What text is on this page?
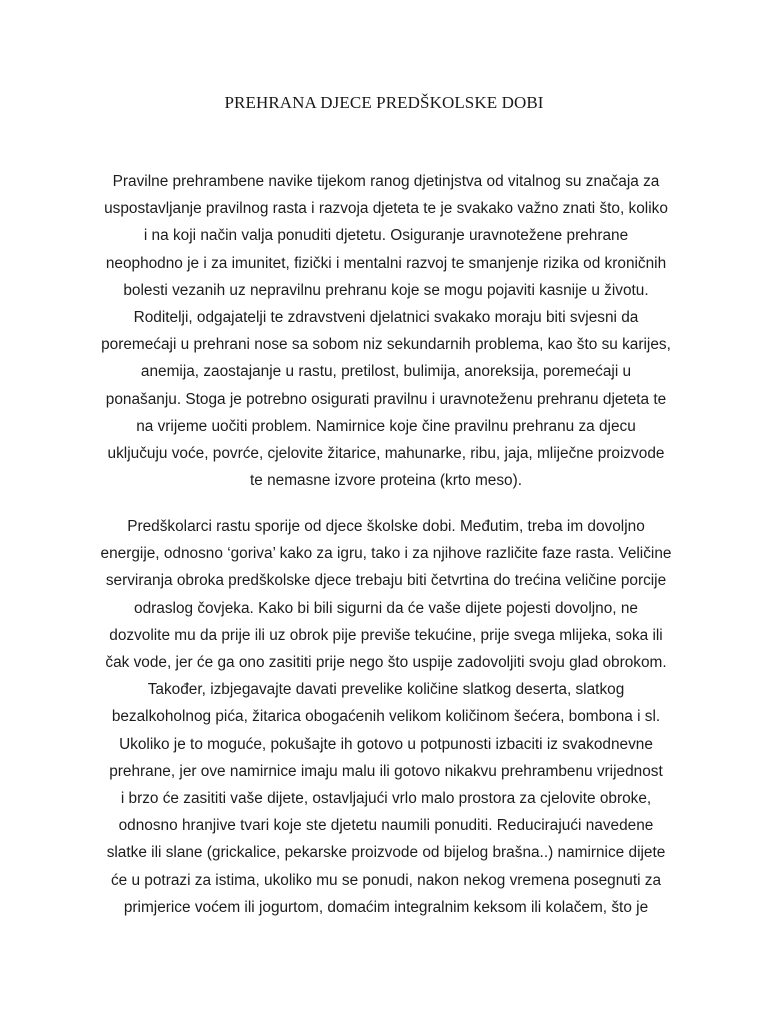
PREHRANA DJECE PREDŠKOLSKE DOBI

Pravilne prehrambene navike tijekom ranog djetinjstva od vitalnog su značaja za
uspostavljanje pravilnog rasta i razvoja djeteta te je svakako važno znati što, koliko
i na koji način valja ponuditi djetetu. Osiguranje uravnotežene prehrane
neophodno je i za imunitet, fizički i mentalni razvoj te smanjenje rizika od kroničnih
bolesti vezanih uz nepravilnu prehranu koje se mogu pojaviti kasnije u životu.
Roditelji, odgajatelji te zdravstveni djelatnici svakako moraju biti svjesni da
poremećaji u prehrani nose sa sobom niz sekundarnih problema, kao što su karijes,
anemija, zaostajanje u rastu, pretilost, bulimija, anoreksija, poremećaji u
ponašanju. Stoga je potrebno osigurati pravilnu i uravnoteženu prehranu djeteta te
na vrijeme uočiti problem. Namirnice koje čine pravilnu prehranu za djecu
uključuju voće, povrće, cjelovite žitarice, mahunarke, ribu, jaja, mliječne proizvode
te nemasne izvore proteina (krto meso).

Predškolarci rastu sporije od djece školske dobi. Međutim, treba im dovoljno
energije, odnosno ‘goriva’ kako za igru, tako i za njihove različite faze rasta. Veličine
serviranja obroka predškolske djece trebaju biti četvrtina do trećina veličine porcije
odraslog čovjeka. Kako bi bili sigurni da će vaše dijete pojesti dovoljno, ne
dozvolite mu da prije ili uz obrok pije previše tekućine, prije svega mlijeka, soka ili
čak vode, jer će ga ono zasititi prije nego što uspije zadovoljiti svoju glad obrokom.
Također, izbjegavajte davati prevelike količine slatkog deserta, slatkog
bezalkoholnog pića, žitarica obogaćenih velikom količinom šećera, bombona i sl.
Ukoliko je to moguće, pokušajte ih gotovo u potpunosti izbaciti iz svakodnevne
prehrane, jer ove namirnice imaju malu ili gotovo nikakvu prehrambenu vrijednost
i brzo će zasititi vaše dijete, ostavljajući vrlo malo prostora za cjelovite obroke,
odnosno hranjive tvari koje ste djetetu naumili ponuditi. Reducirajući navedene
slatke ili slane (grickalice, pekarske proizvode od bijelog brašna..) namirnice dijete
će u potrazi za istima, ukoliko mu se ponudi, nakon nekog vremena posegnuti za
primjerice voćem ili jogurtom, domaćim integralnim keksom ili kolačem, što je
